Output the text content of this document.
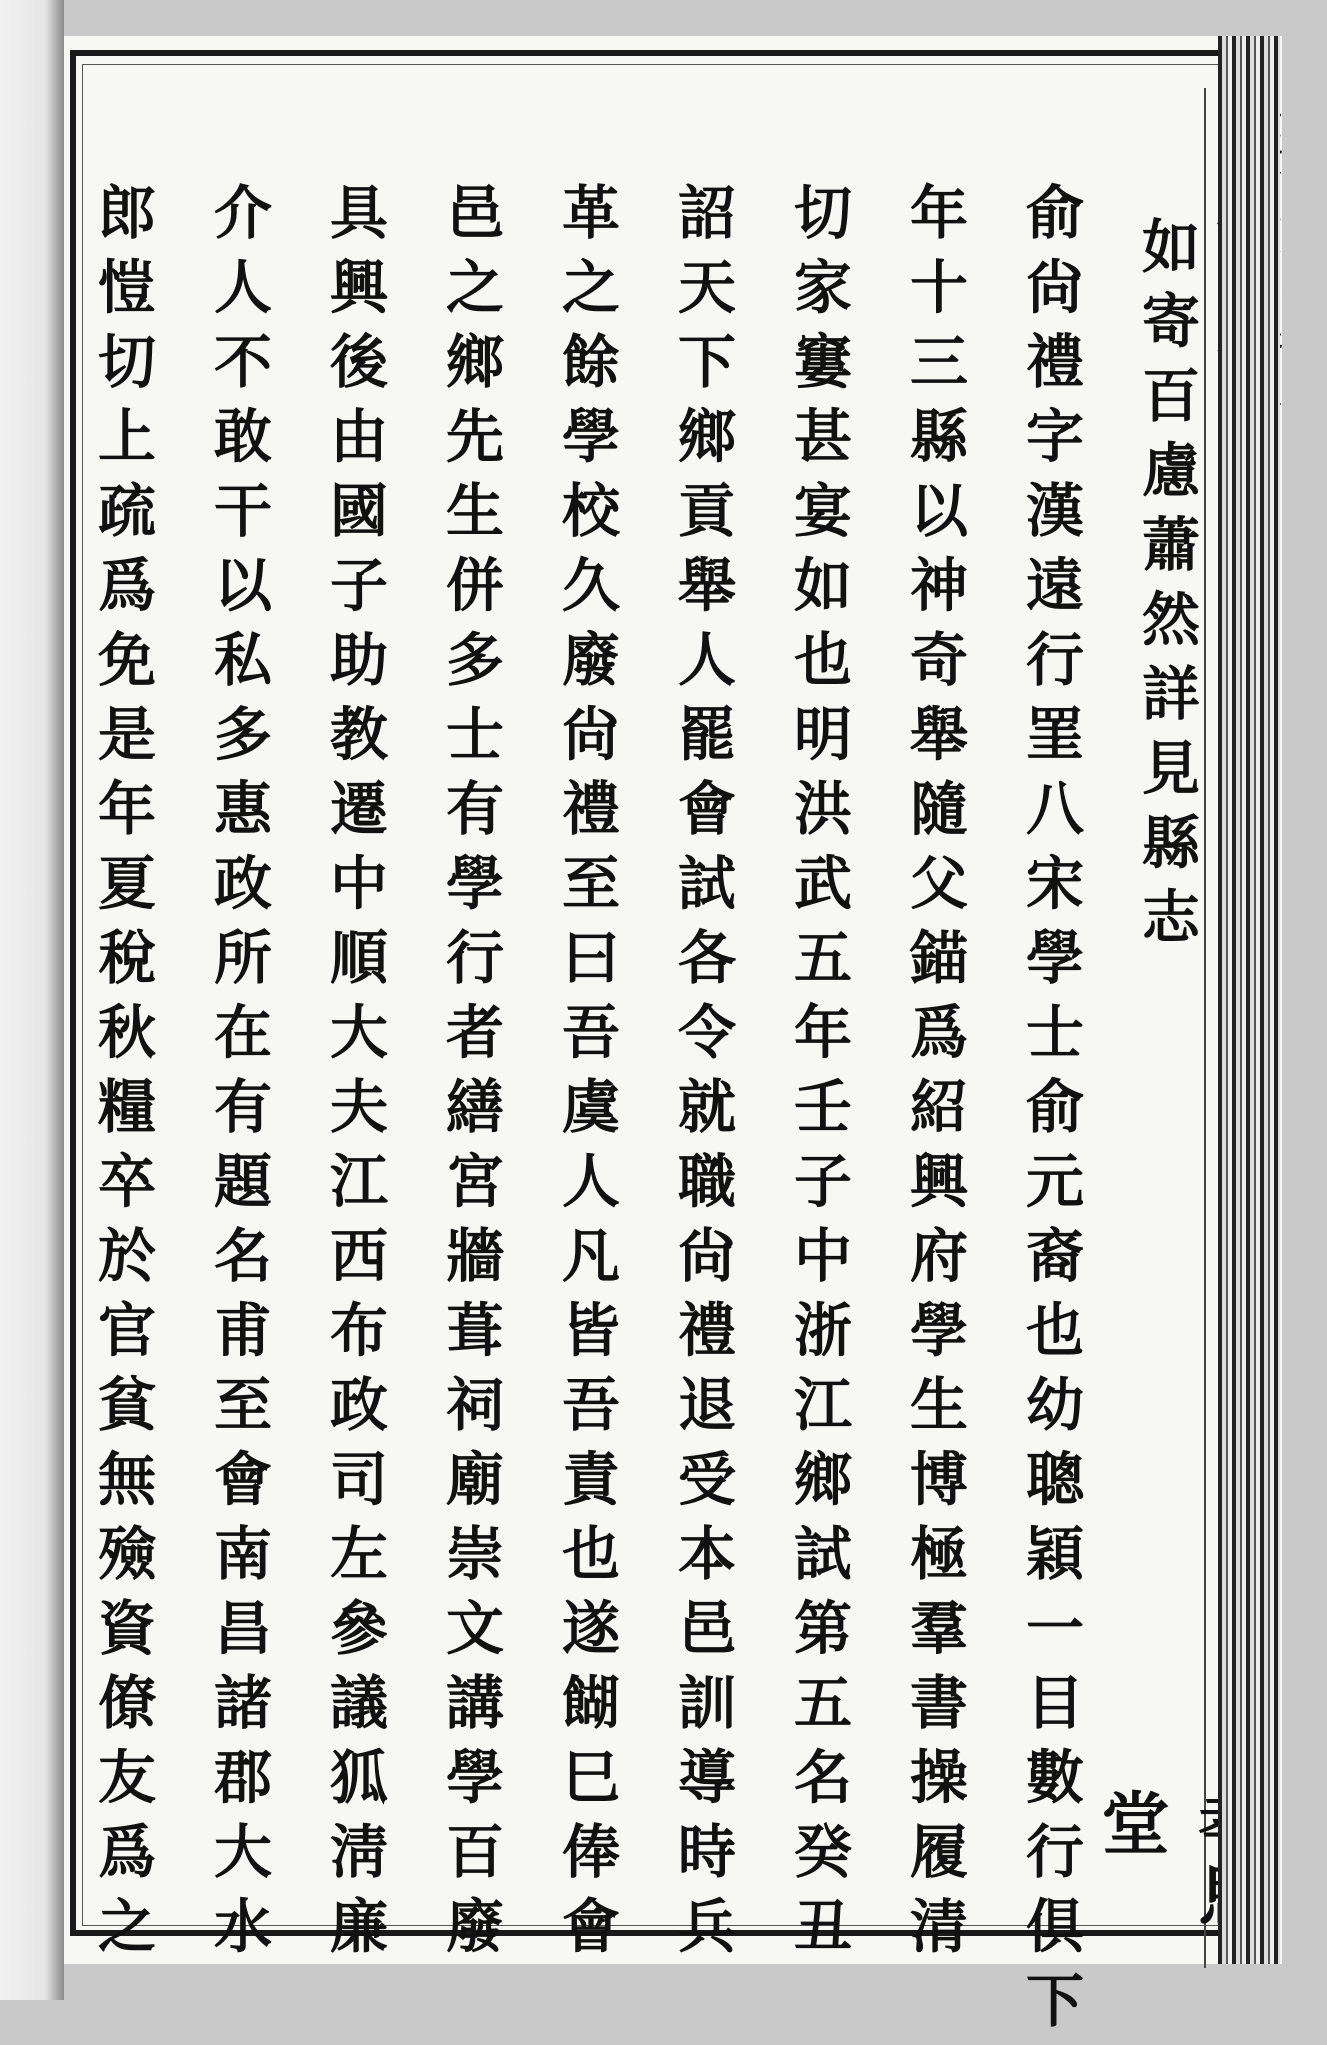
如寄百慮蕭然詳見縣志
俞尙禮字漢遠行罣八宋學士俞元裔也幼聰穎一目數行俱下
年十三縣以神奇舉隨父錨爲紹興府學生博極羣書操履清
切家窶甚宴如也明洪武五年壬子中浙江鄉試第五名癸丑
詔天下鄉貢舉人罷會試各令就職尙禮退受本邑訓導時兵
革之餘學校久廢尙禮至曰吾虞人凡皆吾責也遂餬巳俸會
邑之鄉先生併多士有學行者繕宮牆葺祠廟崇文講學百廢
具興後由國子助教遷中順大夫江西布政司左參議狐淸廉
介人不敢干以私多惠政所在有題名甫至會南昌諸郡大水
郎愷切上疏爲免是年夏稅秋糧卒於官貧無殮資僚友爲之	堂
